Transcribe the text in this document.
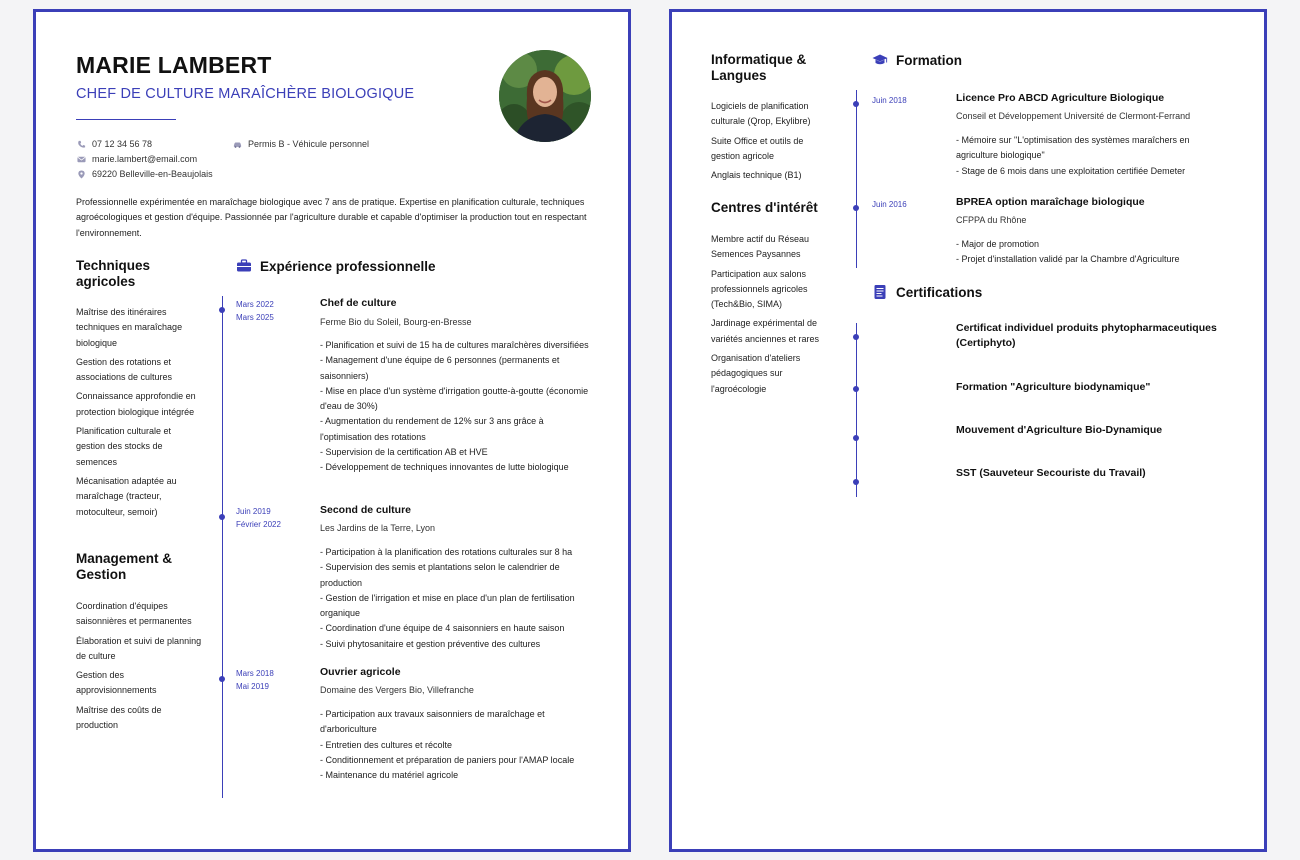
MARIE LAMBERT
CHEF DE CULTURE MARAÎCHÈRE BIOLOGIQUE
07 12 34 56 78
marie.lambert@email.com
69220 Belleville-en-Beaujolais
Permis B - Véhicule personnel
Professionnelle expérimentée en maraîchage biologique avec 7 ans de pratique. Expertise en planification culturale, techniques agroécologiques et gestion d'équipe. Passionnée par l'agriculture durable et capable d'optimiser la production tout en respectant l'environnement.
Techniques agricoles
Maîtrise des itinéraires techniques en maraîchage biologique
Gestion des rotations et associations de cultures
Connaissance approfondie en protection biologique intégrée
Planification culturale et gestion des stocks de semences
Mécanisation adaptée au maraîchage (tracteur, motoculteur, semoir)
Management & Gestion
Coordination d'équipes saisonnières et permanentes
Élaboration et suivi de planning de culture
Gestion des approvisionnements
Maîtrise des coûts de production
Expérience professionnelle
Mars 2022
Mars 2025
Chef de culture
Ferme Bio du Soleil, Bourg-en-Bresse
- Planification et suivi de 15 ha de cultures maraîchères diversifiées
- Management d'une équipe de 6 personnes (permanents et saisonniers)
- Mise en place d'un système d'irrigation goutte-à-goutte (économie d'eau de 30%)
- Augmentation du rendement de 12% sur 3 ans grâce à l'optimisation des rotations
- Supervision de la certification AB et HVE
- Développement de techniques innovantes de lutte biologique
Juin 2019
Février 2022
Second de culture
Les Jardins de la Terre, Lyon
- Participation à la planification des rotations culturales sur 8 ha
- Supervision des semis et plantations selon le calendrier de production
- Gestion de l'irrigation et mise en place d'un plan de fertilisation organique
- Coordination d'une équipe de 4 saisonniers en haute saison
- Suivi phytosanitaire et gestion préventive des cultures
Mars 2018
Mai 2019
Ouvrier agricole
Domaine des Vergers Bio, Villefranche
- Participation aux travaux saisonniers de maraîchage et d'arboriculture
- Entretien des cultures et récolte
- Conditionnement et préparation de paniers pour l'AMAP locale
- Maintenance du matériel agricole
Informatique & Langues
Logiciels de planification culturale (Qrop, Ekylibre)
Suite Office et outils de gestion agricole
Anglais technique (B1)
Centres d'intérêt
Membre actif du Réseau Semences Paysannes
Participation aux salons professionnels agricoles (Tech&Bio, SIMA)
Jardinage expérimental de variétés anciennes et rares
Organisation d'ateliers pédagogiques sur l'agroécologie
Formation
Juin 2018	Licence Pro ABCD Agriculture Biologique
Conseil et Développement Université de Clermont-Ferrand
- Mémoire sur "L'optimisation des systèmes maraîchers en agriculture biologique"
- Stage de 6 mois dans une exploitation certifiée Demeter
Juin 2016	BPREA option maraîchage biologique
CFPPA du Rhône
- Major de promotion
- Projet d'installation validé par la Chambre d'Agriculture
Certifications
Certificat individuel produits phytopharmaceutiques (Certiphyto)
Formation "Agriculture biodynamique"
Mouvement d'Agriculture Bio-Dynamique
SST (Sauveteur Secouriste du Travail)
